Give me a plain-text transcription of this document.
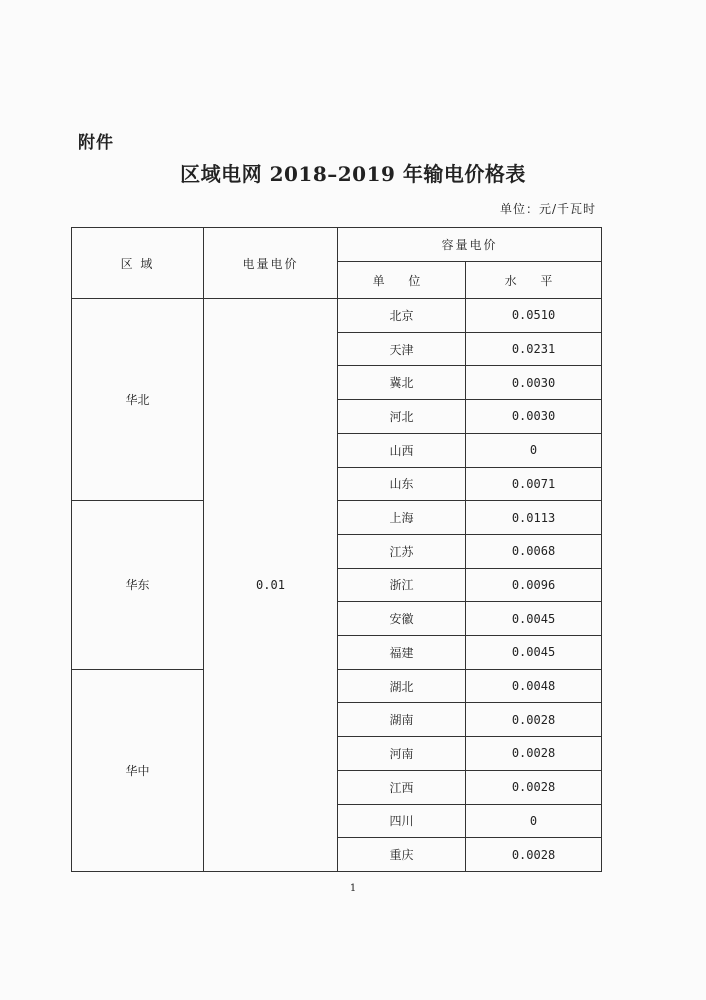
附件
区域电网 2018–2019 年输电价格表
单位：元/千瓦时
区 域	电量电价	容量电价	
		单 位	水 平
华北	0.01	北京	0.0510
		天津	0.0231
		冀北	0.0030
		河北	0.0030
		山西	0
		山东	0.0071
华东		上海	0.0113
		江苏	0.0068
		浙江	0.0096
		安徽	0.0045
		福建	0.0045
华中		湖北	0.0048
		湖南	0.0028
		河南	0.0028
		江西	0.0028
		四川	0
		重庆	0.0028
1
